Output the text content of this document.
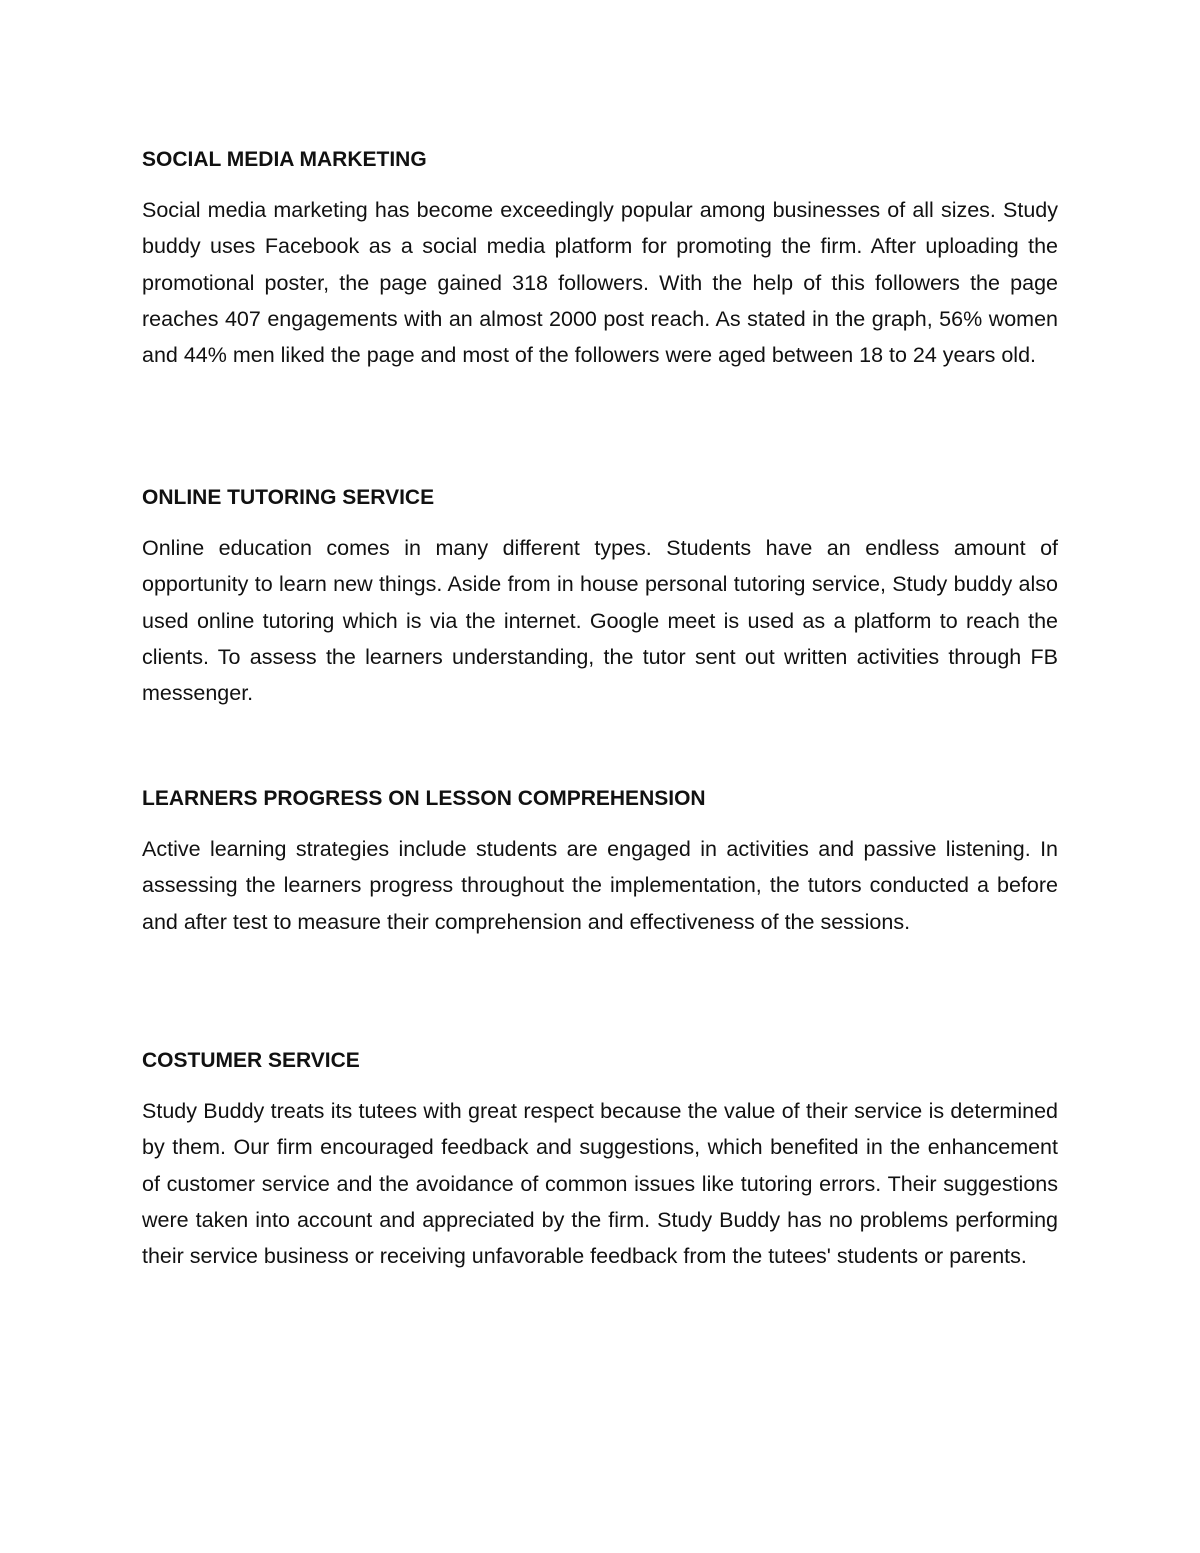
SOCIAL MEDIA MARKETING

Social media marketing has become exceedingly popular among businesses of all sizes. Study buddy uses Facebook as a social media platform for promoting the firm. After uploading the promotional poster, the page gained 318 followers. With the help of this followers the page reaches 407 engagements with an almost 2000 post reach. As stated in the graph, 56% women and 44% men liked the page and most of the followers were aged between 18 to 24 years old.

ONLINE TUTORING SERVICE

Online education comes in many different types. Students have an endless amount of opportunity to learn new things. Aside from in house personal tutoring service, Study buddy also used online tutoring which is via the internet. Google meet is used as a platform to reach the clients. To assess the learners understanding, the tutor sent out written activities through FB messenger.

LEARNERS PROGRESS ON LESSON COMPREHENSION

Active learning strategies include students are engaged in activities and passive listening. In assessing the learners progress throughout the implementation, the tutors conducted a before and after test to measure their comprehension and effectiveness of the sessions.

COSTUMER SERVICE

Study Buddy treats its tutees with great respect because the value of their service is determined by them. Our firm encouraged feedback and suggestions, which benefited in the enhancement of customer service and the avoidance of common issues like tutoring errors. Their suggestions were taken into account and appreciated by the firm. Study Buddy has no problems performing their service business or receiving unfavorable feedback from the tutees' students or parents.
